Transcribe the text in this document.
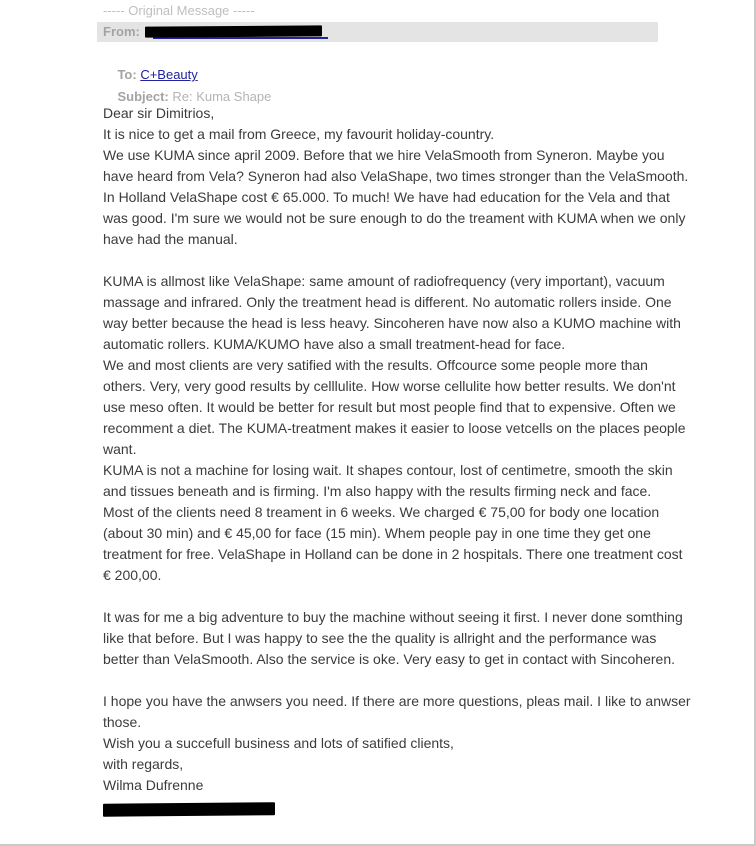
----- Original Message -----
From:

To: C+Beauty

Subject: Re: Kuma Shape

Dear sir Dimitrios,
It is nice to get a mail from Greece, my favourit holiday-country.
We use KUMA since april 2009. Before that we hire VelaSmooth from Syneron. Maybe you
have heard from Vela? Syneron had also VelaShape, two times stronger than the VelaSmooth.
In Holland VelaShape cost € 65.000. To much! We have had education for the Vela and that
was good. I'm sure we would not be sure enough to do the treament with KUMA when we only
have had the manual.
KUMA is allmost like VelaShape: same amount of radiofrequency (very important), vacuum
massage and infrared. Only the treatment head is different. No automatic rollers inside. One
way better because the head is less heavy. Sincoheren have now also a KUMO machine with
automatic rollers. KUMA/KUMO have also a small treatment-head for face.
We and most clients are very satified with the results. Offcource some people more than
others. Very, very good results by celllulite. How worse cellulite how better results. We don'nt
use meso often. It would be better for result but most people find that to expensive. Often we
recomment a diet. The KUMA-treatment makes it easier to loose vetcells on the places people
want.
KUMA is not a machine for losing wait. It shapes contour, lost of centimetre, smooth the skin
and tissues beneath and is firming. I'm also happy with the results firming neck and face.
Most of the clients need 8 treament in 6 weeks. We charged € 75,00 for body one location
(about 30 min) and € 45,00 for face (15 min). Whem people pay in one time they get one
treatment for free. VelaShape in Holland can be done in 2 hospitals. There one treatment cost
€ 200,00.
It was for me a big adventure to buy the machine without seeing it first. I never done somthing
like that before. But I was happy to see the the quality is allright and the performance was
better than VelaSmooth. Also the service is oke. Very easy to get in contact with Sincoheren.
I hope you have the anwsers you need. If there are more questions, pleas mail. I like to anwser
those.
Wish you a succefull business and lots of satified clients,
with regards,
Wilma Dufrenne
